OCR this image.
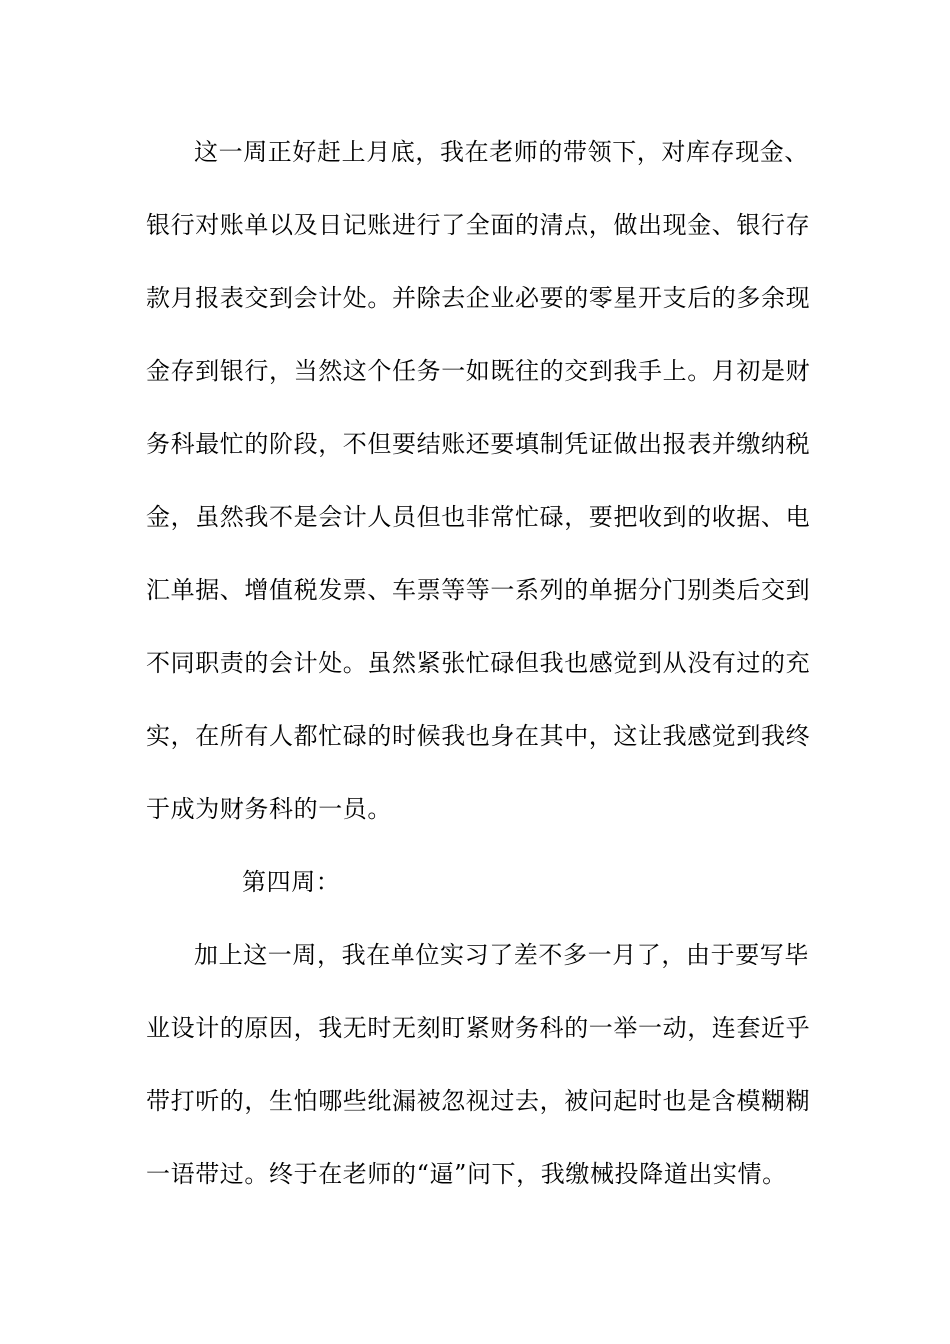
这一周正好赶上月底，我在老师的带领下，对库存现金、
银行对账单以及日记账进行了全面的清点，做出现金、银行存
款月报表交到会计处。并除去企业必要的零星开支后的多余现
金存到银行，当然这个任务一如既往的交到我手上。月初是财
务科最忙的阶段，不但要结账还要填制凭证做出报表并缴纳税
金，虽然我不是会计人员但也非常忙碌，要把收到的收据、电
汇单据、增值税发票、车票等等一系列的单据分门别类后交到
不同职责的会计处。虽然紧张忙碌但我也感觉到从没有过的充
实，在所有人都忙碌的时候我也身在其中，这让我感觉到我终
于成为财务科的一员。
第四周：
加上这一周，我在单位实习了差不多一月了，由于要写毕
业设计的原因，我无时无刻盯紧财务科的一举一动，连套近乎
带打听的，生怕哪些纰漏被忽视过去，被问起时也是含模糊糊
一语带过。终于在老师的“逼”问下，我缴械投降道出实情。
